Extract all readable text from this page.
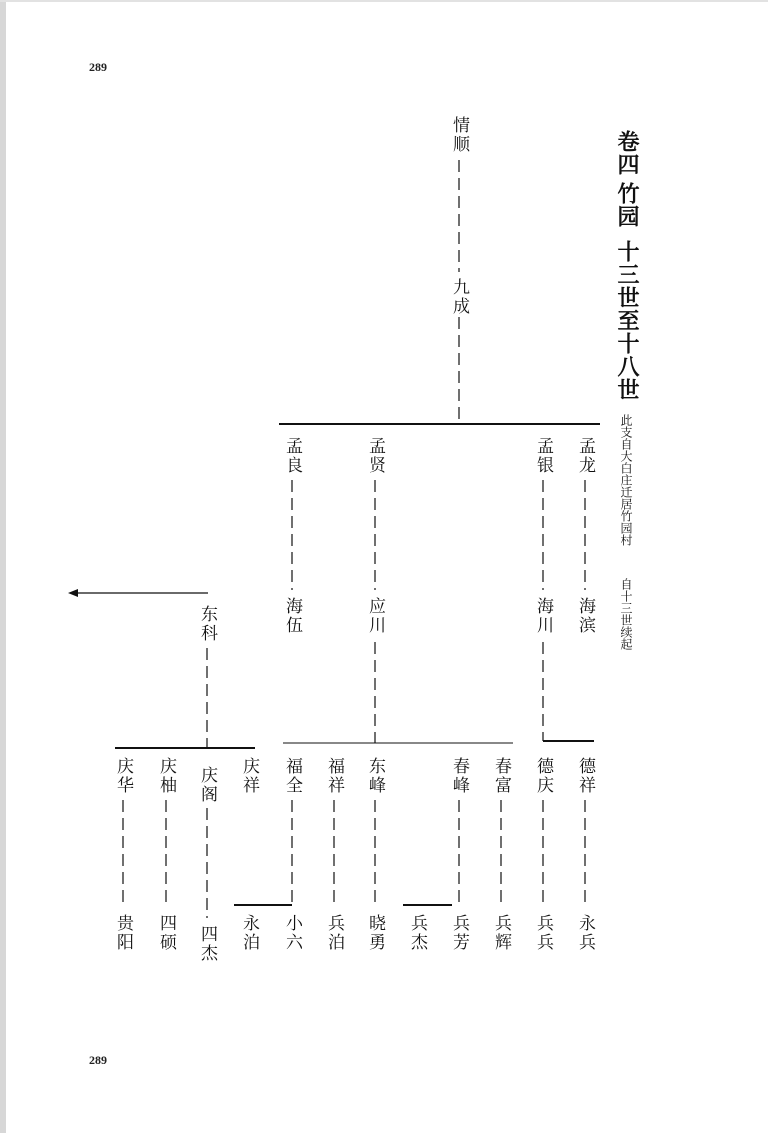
289
289
卷四
竹园
十三世至十八世
此支自大白庄迁居竹园村
自十三世续起
情顺
九成
孟良	孟贤	孟银 孟龙
东科	海伍	应川	海川 海滨
庆华 庆柚 庆阁 庆祥 福全 福祥 东峰	春峰 春富 德庆 德祥
贵阳 四硕 四杰 永泊 小六 兵泊 晓勇 兵杰 兵芳 兵辉 兵兵 永兵
